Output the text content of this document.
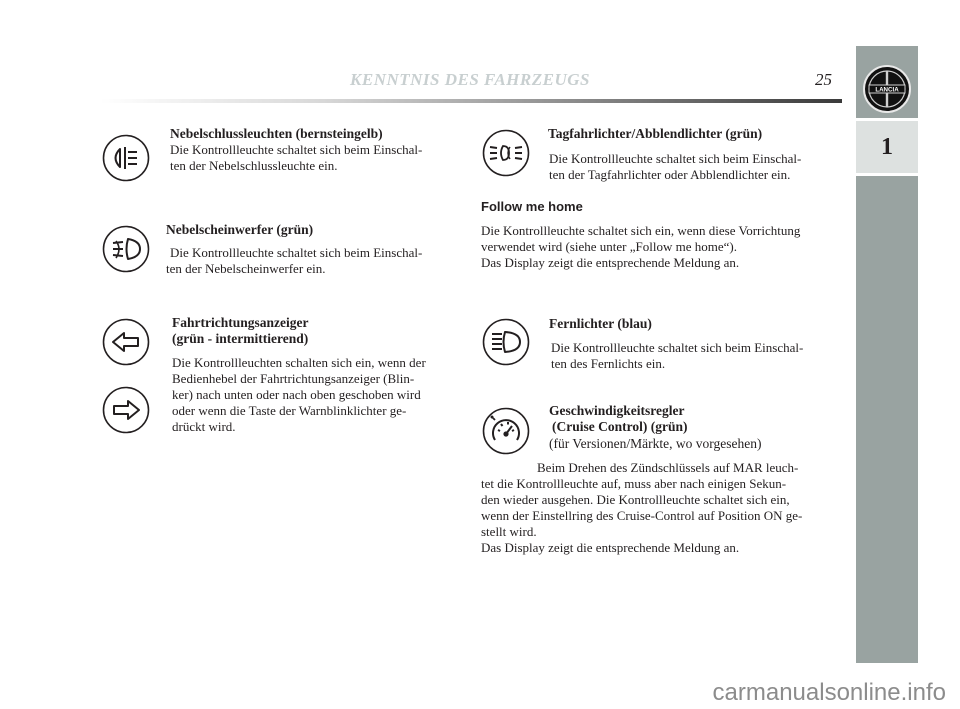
KENNTNIS DES FAHRZEUGS	25
LANCIA
1
Nebelschlussleuchten (bernsteingelb)
Die Kontrollleuchte schaltet sich beim Einschal-
ten der Nebelschlussleuchte ein.
Nebelscheinwerfer (grün)
Die Kontrollleuchte schaltet sich beim Einschal-
ten der Nebelscheinwerfer ein.
Fahrtrichtungsanzeiger
(grün - intermittierend)
Die Kontrollleuchten schalten sich ein, wenn der
Bedienhebel der Fahrtrichtungsanzeiger (Blin-
ker) nach unten oder nach oben geschoben wird
oder wenn die Taste der Warnblinklichter ge-
drückt wird.
Tagfahrlichter/Abblendlichter (grün)
Die Kontrollleuchte schaltet sich beim Einschal-
ten der Tagfahrlichter oder Abblendlichter ein.
Follow me home
Die Kontrollleuchte schaltet sich ein, wenn diese Vorrichtung
verwendet wird (siehe unter „Follow me home“).
Das Display zeigt die entsprechende Meldung an.
Fernlichter (blau)
Die Kontrollleuchte schaltet sich beim Einschal-
ten des Fernlichts ein.
Geschwindigkeitsregler
(Cruise Control) (grün)
(für Versionen/Märkte, wo vorgesehen)
Beim Drehen des Zündschlüssels auf MAR leuch-
tet die Kontrollleuchte auf, muss aber nach einigen Sekun-
den wieder ausgehen. Die Kontrollleuchte schaltet sich ein,
wenn der Einstellring des Cruise-Control auf Position ON ge-
stellt wird.
Das Display zeigt die entsprechende Meldung an.
carmanualsonline.info
